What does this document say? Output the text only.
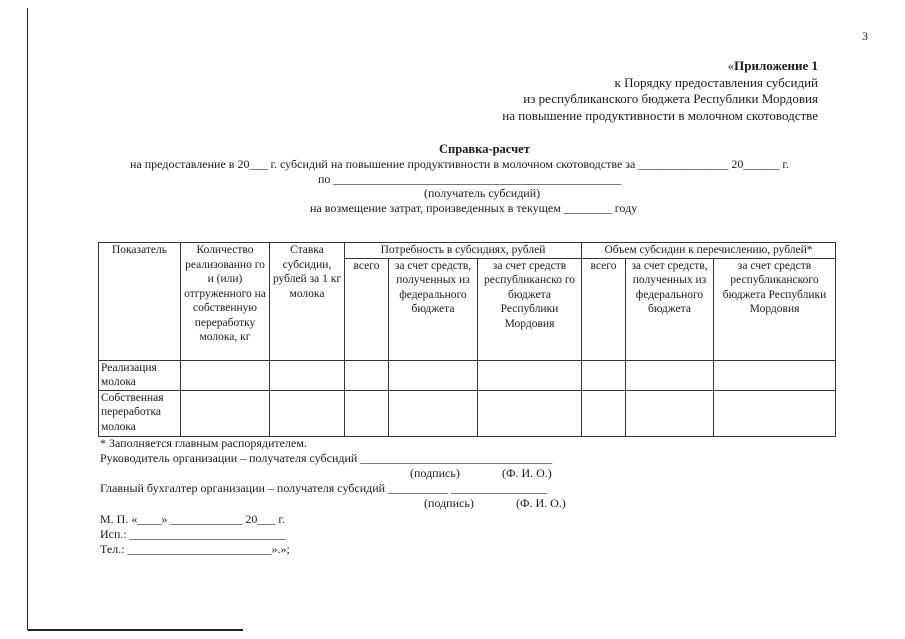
3
«Приложение 1
к Порядку предоставления субсидий
из республиканского бюджета Республики Мордовия
на повышение продуктивности в молочном скотоводстве
Справка-расчет
на предоставление в 20___ г. субсидий на повышение продуктивности в молочном скотоводстве за _______________ 20______ г.
по ________________________________________________
(получатель субсидий)
на возмещение затрат, произведенных в текущем ________ году
Показатель	Количество реализованно го и (или) отгруженного на собственную переработку молока, кг	Ставка субсидии, рублей за 1 кг молока	Потребность в субсидиях, рублей			Объем субсидии к перечислению, рублей*		
			всего	за счет средств, полученных из федерального бюджета	за счет средств республиканско го бюджета Республики Мордовия	всего	за счет средств, полученных из федерального бюджета	за счет средств республиканского бюджета Республики Мордовия
Реализация молока								
Собственная переработка молока								
* Заполняется главным распорядителем.
Руководитель организации – получателя субсидий ________________________________
(подпись)	(Ф. И. О.)
Главный бухгалтер организации – получателя субсидий __________ ________________
(подпись)	(Ф. И. О.)
М. П. «____» ____________ 20___ г.
Исп.: __________________________
Тел.: ________________________».»;
